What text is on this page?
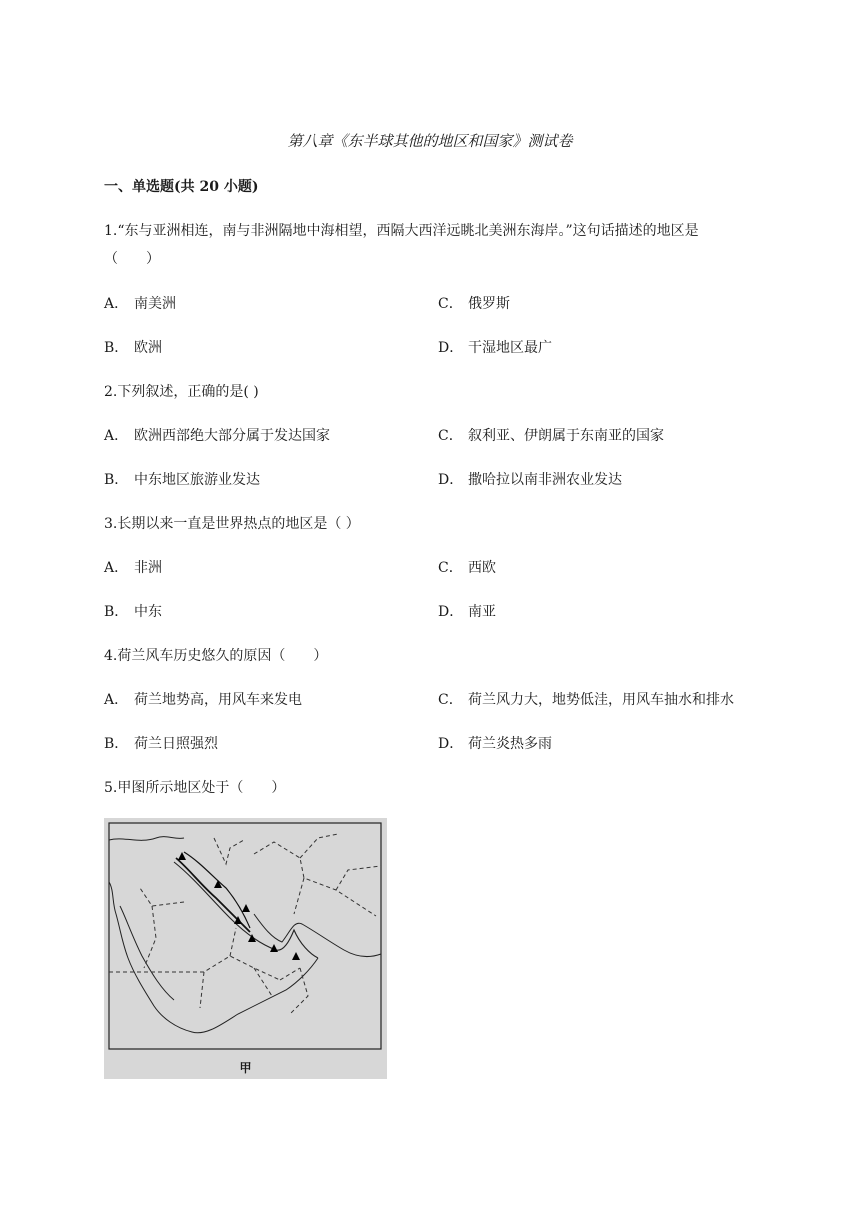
第八章《东半球其他的地区和国家》测试卷
一、单选题(共 20 小题)
1.“东与亚洲相连，南与非洲隔地中海相望，西隔大西洋远眺北美洲东海岸。”这句话描述的地区是
（　　）
A． 南美洲
B． 欧洲
C． 俄罗斯
D． 干湿地区最广
2.下列叙述，正确的是( )
A． 欧洲西部绝大部分属于发达国家
B． 中东地区旅游业发达
C． 叙利亚、伊朗属于东南亚的国家
D． 撒哈拉以南非洲农业发达
3.长期以来一直是世界热点的地区是（ ）
A． 非洲
B． 中东
C． 西欧
D． 南亚
4.荷兰风车历史悠久的原因（　　）
A． 荷兰地势高，用风车来发电
B． 荷兰日照强烈
C． 荷兰风力大，地势低洼，用风车抽水和排水
D． 荷兰炎热多雨
5.甲图所示地区处于（　　）
甲
